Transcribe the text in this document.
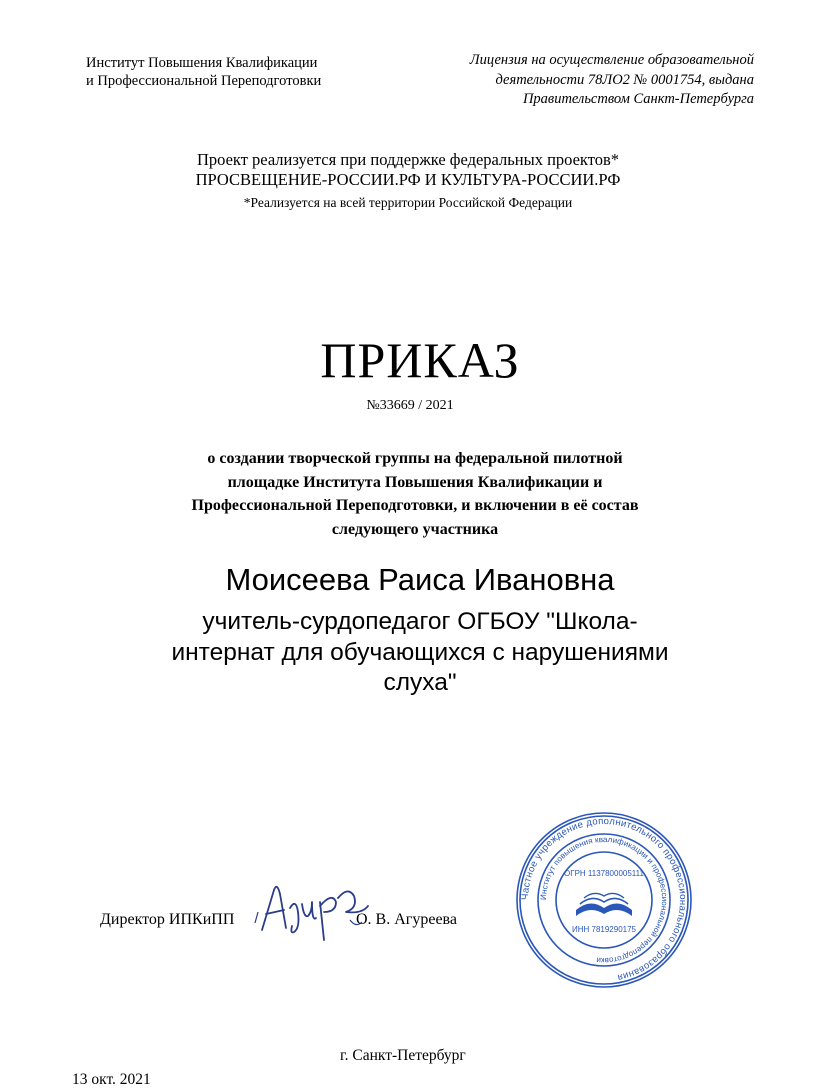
Институт Повышения Квалификации
и Профессиональной Переподготовки
Лицензия на осуществление образовательной
деятельности 78ЛО2 № 0001754, выдана
Правительством Санкт-Петербурга
Проект реализуется при поддержке федеральных проектов*
ПРОСВЕЩЕНИЕ-РОССИИ.РФ И КУЛЬТУРА-РОССИИ.РФ
*Реализуется на всей территории Российской Федерации
ПРИКАЗ
№33669 / 2021
о создании творческой группы на федеральной пилотной
площадке Института Повышения Квалификации и
Профессиональной Переподготовки, и включении в её состав
следующего участника
Моисеева Раиса Ивановна
учитель-сурдопедагог ОГБОУ "Школа-
интернат для обучающихся с нарушениями
слуха"
Частное учреждение дополнительного профессионального образования
Институт повышения квалификации и профессиональной переподготовки
ОГРН 1137800005111
ИНН 7819290175
Директор ИПКиПП	О. В. Агуреева
г. Санкт-Петербург
13 окт. 2021
